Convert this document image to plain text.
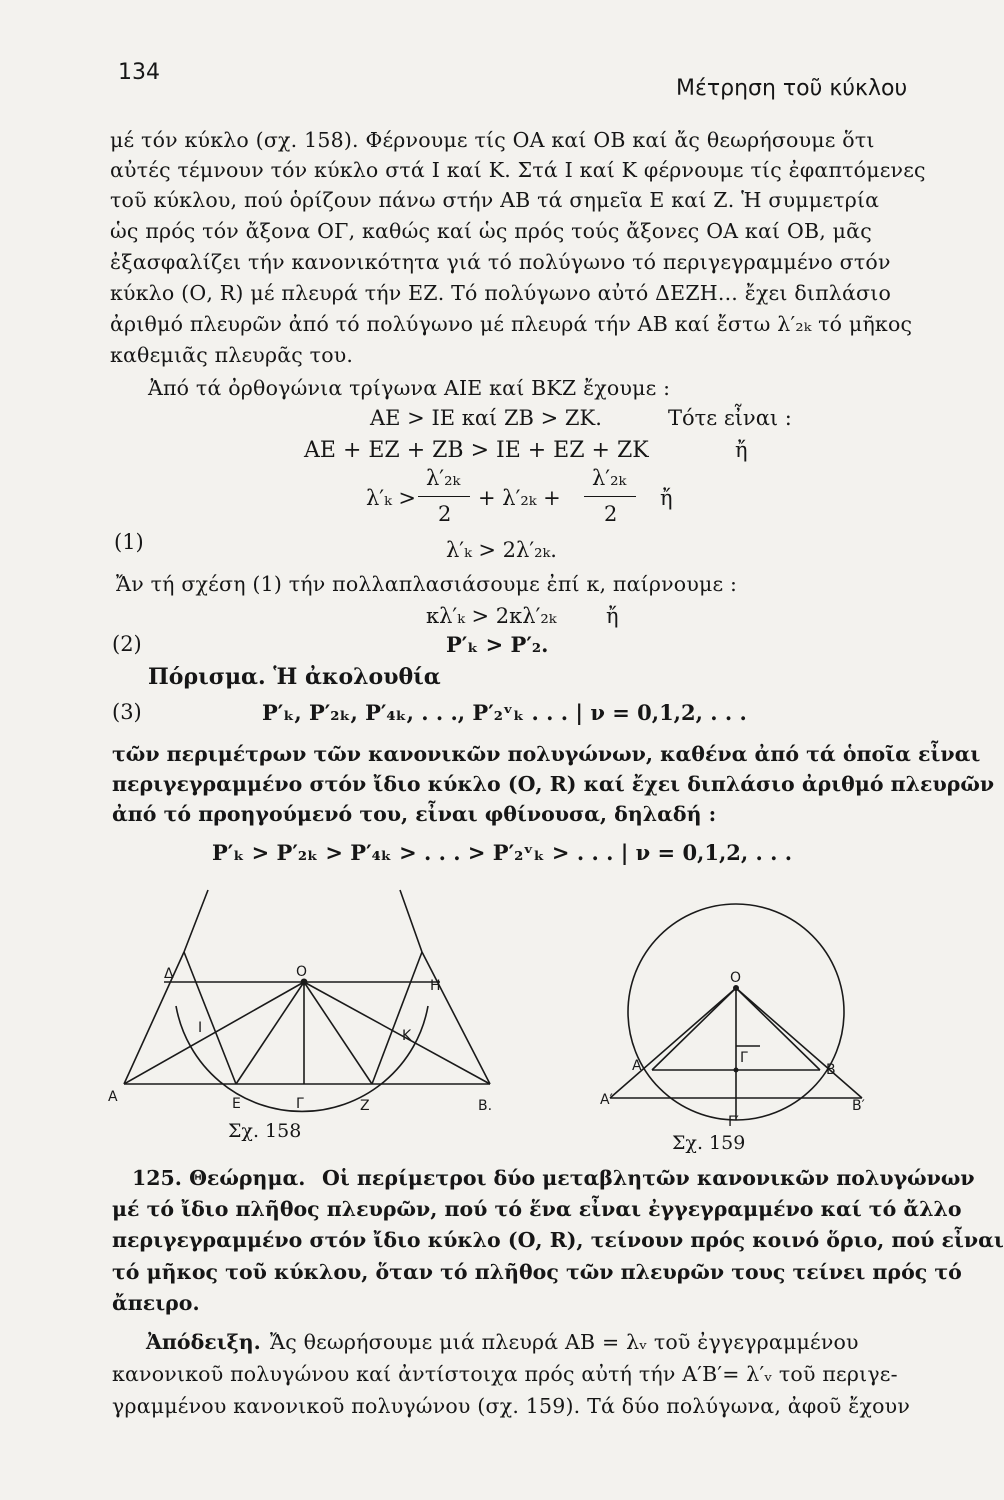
134
Μέτρηση τοῦ κύκλου
μέ τόν κύκλο (σχ. 158). Φέρνουμε τίς ΟΑ καί ΟΒ καί ἄς θεωρήσουμε ὅτι
αὐτές τέμνουν τόν κύκλο στά Ι καί Κ. Στά Ι καί Κ φέρνουμε τίς ἐφαπτόμενες
τοῦ κύκλου, πού ὁρίζουν πάνω στήν ΑΒ τά σημεῖα Ε καί Ζ. Ἡ συμμετρία
ὡς πρός τόν ἄξονα ΟΓ, καθώς καί ὡς πρός τούς ἄξονες ΟΑ καί ΟΒ, μᾶς
ἐξασφαλίζει τήν κανονικότητα γιά τό πολύγωνο τό περιγεγραμμένο στόν
κύκλο (Ο, R) μέ πλευρά τήν ΕΖ. Τό πολύγωνο αὐτό ΔΕΖΗ... ἔχει διπλάσιο
ἀριθμό πλευρῶν ἀπό τό πολύγωνο μέ πλευρά τήν ΑΒ καί ἔστω λ′₂ₖ τό μῆκος
καθεμιᾶς πλευρᾶς του.
Ἀπό τά ὀρθογώνια τρίγωνα ΑΙΕ καί ΒΚΖ ἔχουμε :
ΑΕ > ΙΕ καί ΖΒ > ΖΚ.	Τότε εἶναι :
ΑΕ + ΕΖ + ΖΒ > ΙΕ + ΕΖ + ΖΚ	ἤ
λ′ₖ >
λ′₂ₖ
2
+ λ′₂ₖ +
λ′₂ₖ
2
ἤ
(1)	λ′ₖ > 2λ′₂ₖ.
Ἄν τή σχέση (1) τήν πολλαπλασιάσουμε ἐπί κ, παίρνουμε :
κλ′ₖ > 2κλ′₂ₖ ἤ
(2)	P′ₖ > P′₂.
Πόρισμα. Ἡ ἀκολουθία
(3)	P′ₖ, P′₂ₖ, P′₄ₖ, . . ., P′₂ᵛₖ . . . | ν = 0,1,2, . . .
τῶν περιμέτρων τῶν κανονικῶν πολυγώνων, καθένα ἀπό τά ὁποῖα εἶναι
περιγεγραμμένο στόν ἴδιο κύκλο (Ο, R) καί ἔχει διπλάσιο ἀριθμό πλευρῶν
ἀπό τό προηγούμενό του, εἶναι φθίνουσα, δηλαδή :
P′ₖ > P′₂ₖ > P′₄ₖ > . . . > P′₂ᵛₖ > . . . | ν = 0,1,2, . . .
Α
Β.
Δ
Η
Ο
Ι	Κ
Ε	Γ	Ζ
Σχ. 158
Ο
Α	Β
Α′	Β′
Γ
Γ′
Σχ. 159
125. Θεώρημα. Οἱ περίμετροι δύο μεταβλητῶν κανονικῶν πολυγώνων
μέ τό ἴδιο πλῆθος πλευρῶν, πού τό ἕνα εἶναι ἐγγεγραμμένο καί τό ἄλλο
περιγεγραμμένο στόν ἴδιο κύκλο (Ο, R), τείνουν πρός κοινό ὅριο, πού εἶναι
τό μῆκος τοῦ κύκλου, ὅταν τό πλῆθος τῶν πλευρῶν τους τείνει πρός τό
ἄπειρο.
Ἀπόδειξη. Ἄς θεωρήσουμε μιά πλευρά ΑΒ = λᵥ τοῦ ἐγγεγραμμένου
κανονικοῦ πολυγώνου καί ἀντίστοιχα πρός αὐτή τήν Α′Β′= λ′ᵥ τοῦ περιγε-
γραμμένου κανονικοῦ πολυγώνου (σχ. 159). Τά δύο πολύγωνα, ἀφοῦ ἔχουν
